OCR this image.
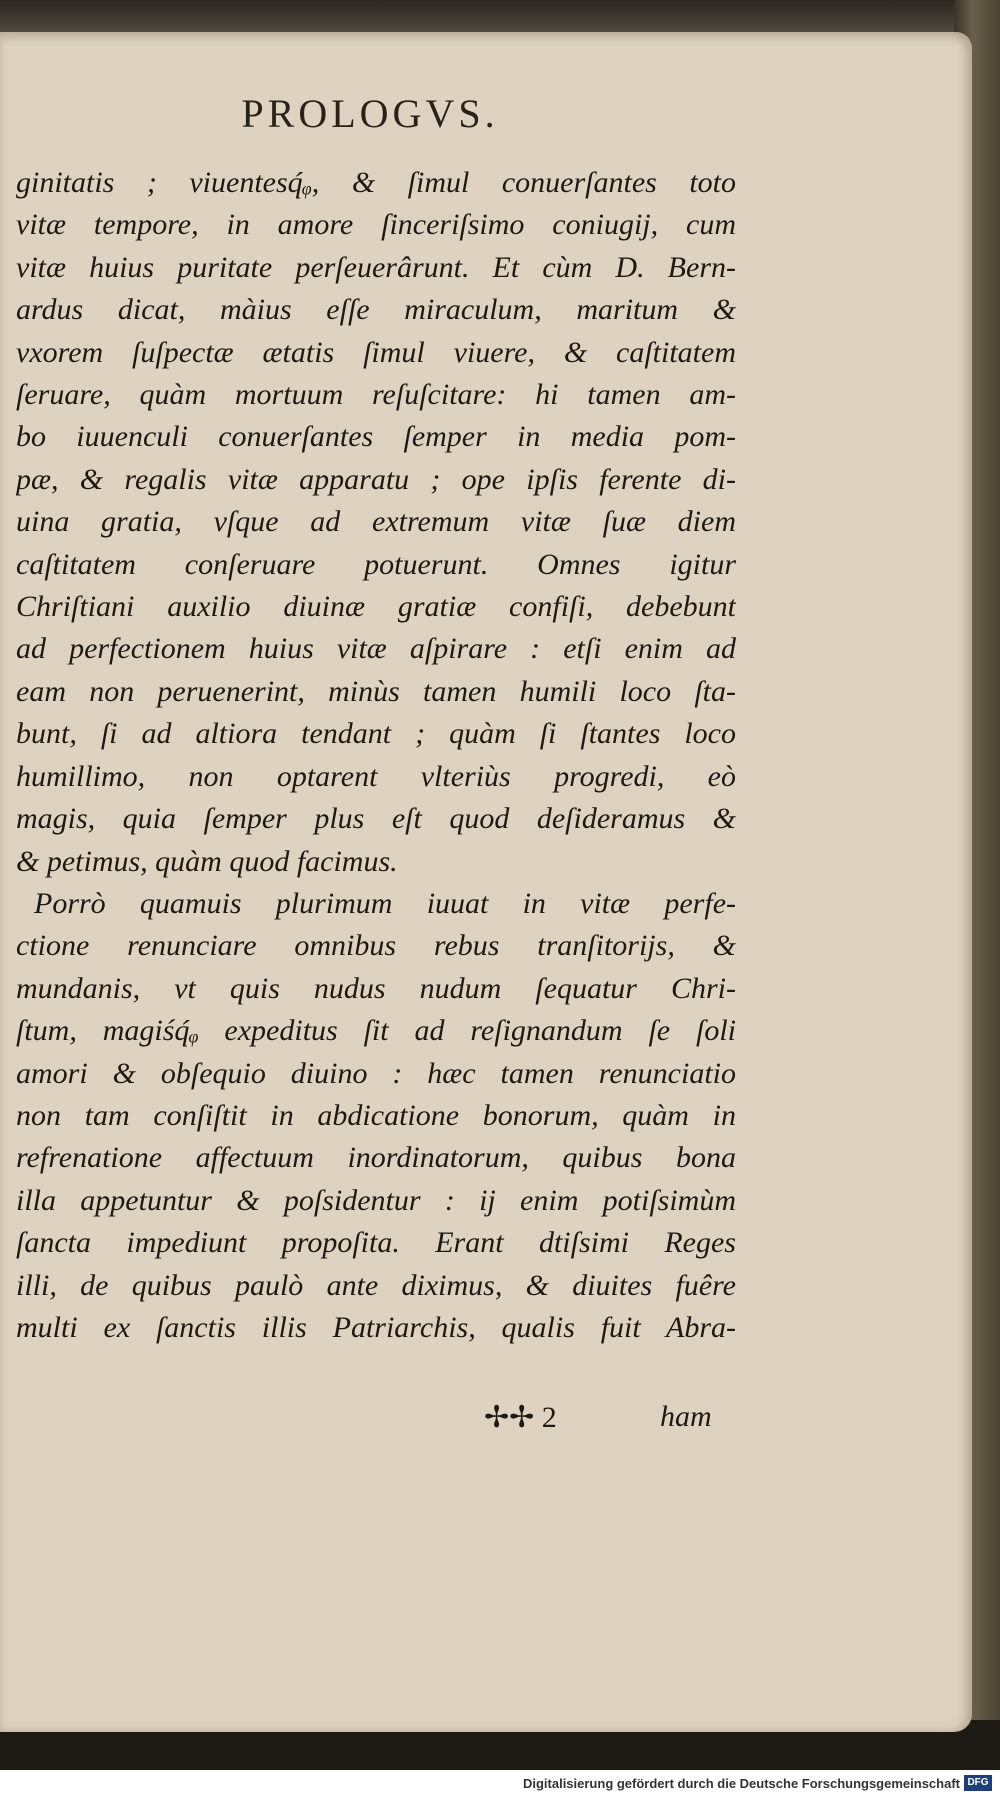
PROLOGVS.
ginitatis ; viuentesq́ᵩ, & ſimul conuerſantes toto
vitæ tempore, in amore ſinceriſsimo coniugij, cum
vitæ huius puritate perſeuerârunt. Et cùm D. Bern-
ardus dicat, màius eſſe miraculum, maritum &
vxorem ſuſpectæ ætatis ſimul viuere, & caſtitatem
ſeruare, quàm mortuum reſuſcitare: hi tamen am-
bo iuuenculi conuerſantes ſemper in media pom-
pæ, & regalis vitæ apparatu ; ope ipſis ferente di-
uina gratia, vſque ad extremum vitæ ſuæ diem
caſtitatem conſeruare potuerunt. Omnes igitur
Chriſtiani auxilio diuinæ gratiæ confiſi, debebunt
ad perfectionem huius vitæ aſpirare : etſi enim ad
eam non peruenerint, minùs tamen humili loco ſta-
bunt, ſi ad altiora tendant ; quàm ſi ſtantes loco
humillimo, non optarent vlteriùs progredi, eò
magis, quia ſemper plus eſt quod deſideramus &
& petimus, quàm quod facimus.
Porrò quamuis plurimum iuuat in vitæ perfe-
ctione renunciare omnibus rebus tranſitorijs, &
mundanis, vt quis nudus nudum ſequatur Chri-
ſtum, magiśq́ᵩ expeditus ſit ad reſignandum ſe ſoli
amori & obſequio diuino : hæc tamen renunciatio
non tam conſiſtit in abdicatione bonorum, quàm in
refrenatione affectuum inordinatorum, quibus bona
illa appetuntur & poſsidentur : ij enim potiſsimùm
ſancta impediunt propoſita. Erant dtiſsimi Reges
illi, de quibus paulò ante diximus, & diuites fuêre
multi ex ſanctis illis Patriarchis, qualis fuit Abra-
✢✢ 2	ham
Digitalisierung gefördert durch die Deutsche Forschungsgemeinschaft DFG
